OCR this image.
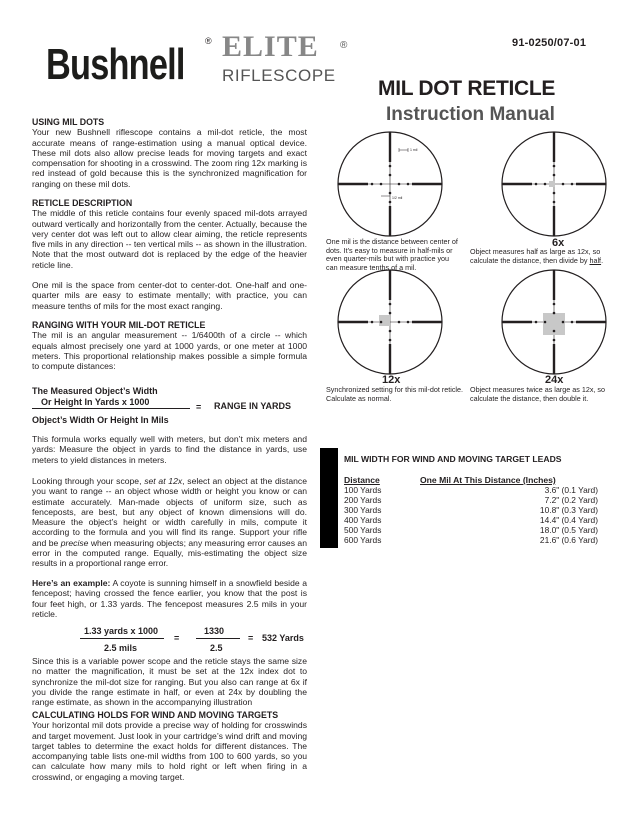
91-0250/07-01
Bushnell ® ELITE ®
RIFLESCOPE
MIL DOT RETICLE
Instruction Manual
USING MIL DOTS
Your new Bushnell riflescope contains a mil-dot reticle, the most accurate means of range-estimation using a manual optical device. These mil dots also allow precise leads for moving targets and exact compensation for shooting in a crosswind. The zoom ring 12x marking is red instead of gold because this is the synchronized magnification for ranging on these mil dots.
RETICLE DESCRIPTION
The middle of this reticle contains four evenly spaced mil-dots arrayed outward vertically and horizontally from the center. Actually, because the very center dot was left out to allow clear aiming, the reticle represents five mils in any direction -- ten vertical mils -- as shown in the illustration. Note that the most outward dot is replaced by the edge of the heavier reticle line.
One mil is the space from center-dot to center-dot. One-half and one-quarter mils are easy to estimate mentally; with practice, you can measure tenths of mils for the most exact ranging.
RANGING WITH YOUR MIL-DOT RETICLE
The mil is an angular measurement -- 1/6400th of a circle -- which equals almost precisely one yard at 1000 yards, or one meter at 1000 meters. This proportional relationship makes possible a simple formula to compute distances:
The Measured Object’s Width
Or Height In Yards x 1000
= RANGE IN YARDS
Object’s Width Or Height In Mils
This formula works equally well with meters, but don’t mix meters and yards: Measure the object in yards to find the distance in yards, use meters to yield distances in meters.
Looking through your scope, set at 12x, select an object at the distance you want to range -- an object whose width or height you know or can estimate accurately. Man-made objects of uniform size, such as fenceposts, are best, but any object of known dimensions will do. Measure the object’s height or width carefully in mils, compute it according to the formula and you will find its range. Support your rifle and be precise when measuring objects; any measuring error causes an error in the computed range. Equally, mis-estimating the object size results in a proportional range error.
Here’s an example: A coyote is sunning himself in a snowfield beside a fencepost; having crossed the fence earlier, you know that the post is four feet high, or 1.33 yards. The fencepost measures 2.5 mils in your reticle.
1.33 yards x 1000
2.5 mils
=
1330
2.5
= 532 Yards
Since this is a variable power scope and the reticle stays the same size no matter the magnification, it must be set at the 12x index dot to synchronize the mil-dot size for ranging. But you also can range at 6x if you divide the range estimate in half, or even at 24x by doubling the range estimate, as shown in the accompanying illustration
CALCULATING HOLDS FOR WIND AND MOVING TARGETS
Your horizontal mil dots provide a precise way of holding for crosswinds and target movement. Just look in your cartridge’s wind drift and moving target tables to determine the exact holds for different distances. The accompanying table lists one-mil widths from 100 to 600 yards, so you can calculate how many mils to hold right or left when firing in a crosswind, or engaging a moving target.
1 mil
1/2 mil
One mil is the distance between center of dots. It’s easy to measure in half-mils or even quarter-mils but with practice you can measure tenths of a mil.
6x
Object measures half as large as 12x, so calculate the distance, then divide by half.
12x
Synchronized setting for this mil-dot reticle. Calculate as normal.
24x
Object measures twice as large as 12x, so calculate the distance, then double it.
MIL WIDTH FOR WIND AND MOVING TARGET LEADS
Distance	One Mil At This Distance (Inches)
100 Yards	3.6" (0.1 Yard)
200 Yards	7.2" (0.2 Yard)
300 Yards	10.8" (0.3 Yard)
400 Yards	14.4" (0.4 Yard)
500 Yards	18.0" (0.5 Yard)
600 Yards	21.6" (0.6 Yard)
